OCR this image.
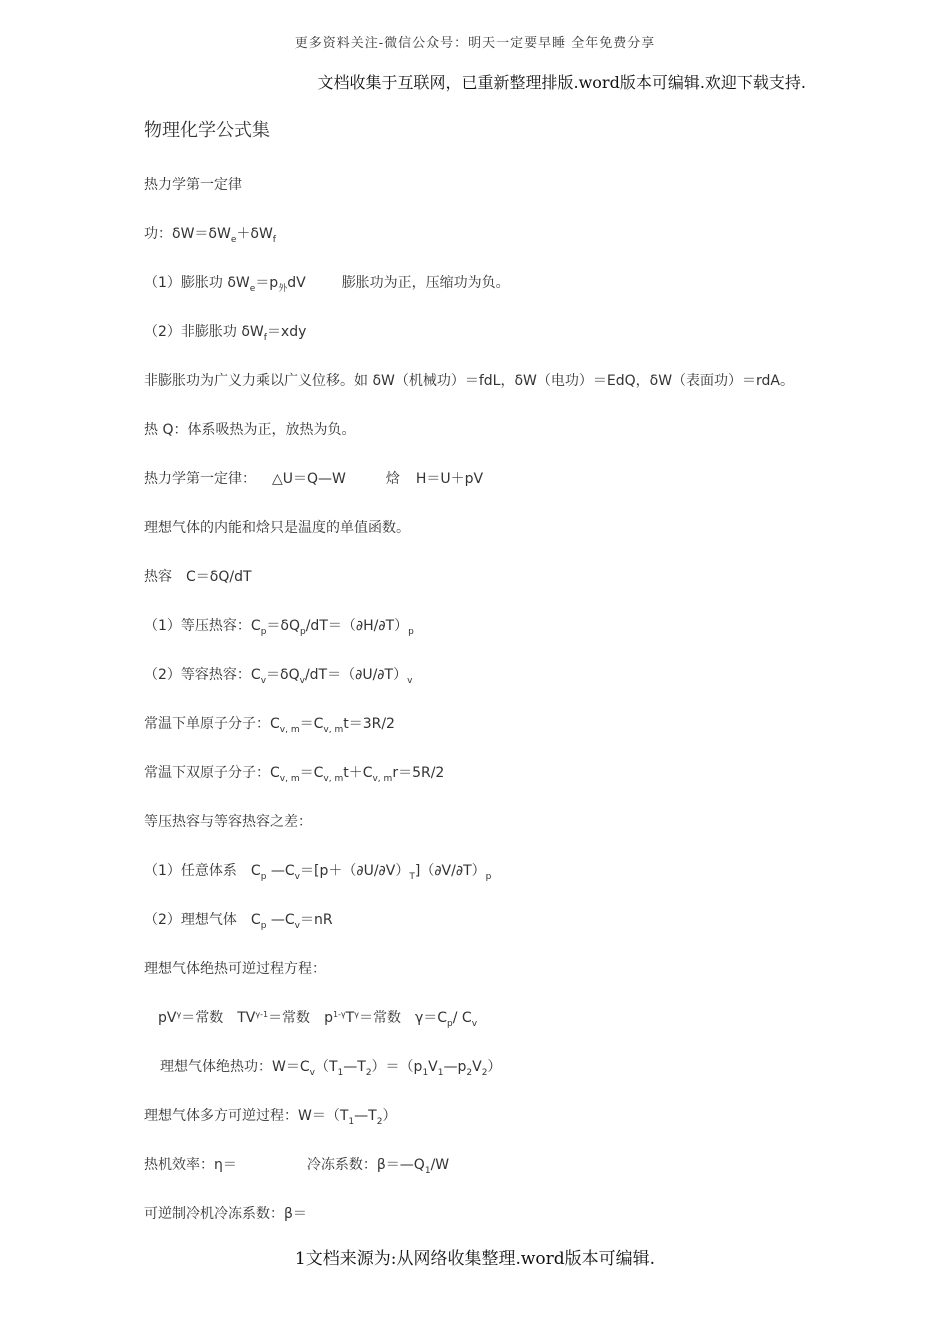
更多资料关注-微信公众号：明天一定要早睡 全年免费分享
文档收集于互联网，已重新整理排版.word版本可编辑.欢迎下载支持.
物理化学公式集
热力学第一定律
功：$\delta W=\delta W_e+\delta W_f$
（1）膨胀功 $\delta W_e=p_外dV$	膨胀功为正，压缩功为负。
（2）非膨胀功 $\delta W_f=xdy$
非膨胀功为广义力乘以广义位移。如 δW（机械功）＝fdL，δW（电功）＝EdQ，δW（表面功）＝rdA。
热 Q：体系吸热为正，放热为负。
热力学第一定律： △U＝Q—W	焓 H＝U＋pV
理想气体的内能和焓只是温度的单值函数。
热容 C＝δQ/dT
（1）等压热容：$C_p=\delta Q_p/dT=(\partial H/\partial T)_p$
（2）等容热容：$C_v=\delta Q_v/dT=(\partial U/\partial T)_v$
常温下单原子分子：$C_{v, m}=C_{v, m}t=3R/2$
常温下双原子分子：$C_{v, m}=C_{v, m}t+C_{v, m}r=5R/2$
等压热容与等容热容之差：
（1）任意体系 $C_p$ $—C_v=[p+(\partial U/\partial V)_T](\partial V/\partial T)_p$
（2）理想气体 $C_p$ $—C_v=nR$
理想气体绝热可逆过程方程：
$pV^\gamma=$常数 $TV^{\gamma-1}=$常数 $p^{1-\gamma}T^\gamma=$常数 $\gamma=C_p/$ $C_v$
理想气体绝热功：$W=C_v(T_1—T_2)=(p_1V_1—p_2V_2)$
理想气体多方可逆过程：$W=(T_1—T_2)$
热机效率：η＝	冷冻系数：$\beta=—Q_1/W$
可逆制冷机冷冻系数：β＝
1文档来源为:从网络收集整理.word版本可编辑.
